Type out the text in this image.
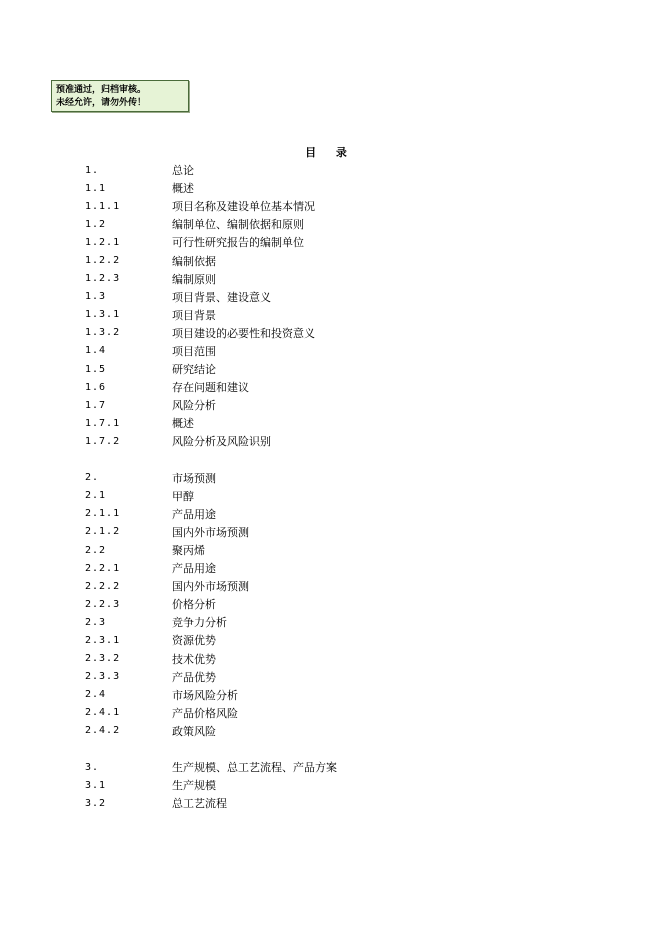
预准通过，归档审核。
未经允许，请勿外传！
目 录
1.	总论
1.1	概述
1.1.1	项目名称及建设单位基本情况
1.2	编制单位、编制依据和原则
1.2.1	可行性研究报告的编制单位
1.2.2	编制依据
1.2.3	编制原则
1.3	项目背景、建设意义
1.3.1	项目背景
1.3.2	项目建设的必要性和投资意义
1.4	项目范围
1.5	研究结论
1.6	存在问题和建议
1.7	风险分析
1.7.1	概述
1.7.2	风险分析及风险识别
2.	市场预测
2.1	甲醇
2.1.1	产品用途
2.1.2	国内外市场预测
2.2	聚丙烯
2.2.1	产品用途
2.2.2	国内外市场预测
2.2.3	价格分析
2.3	竞争力分析
2.3.1	资源优势
2.3.2	技术优势
2.3.3	产品优势
2.4	市场风险分析
2.4.1	产品价格风险
2.4.2	政策风险
3.	生产规模、总工艺流程、产品方案
3.1	生产规模
3.2	总工艺流程
